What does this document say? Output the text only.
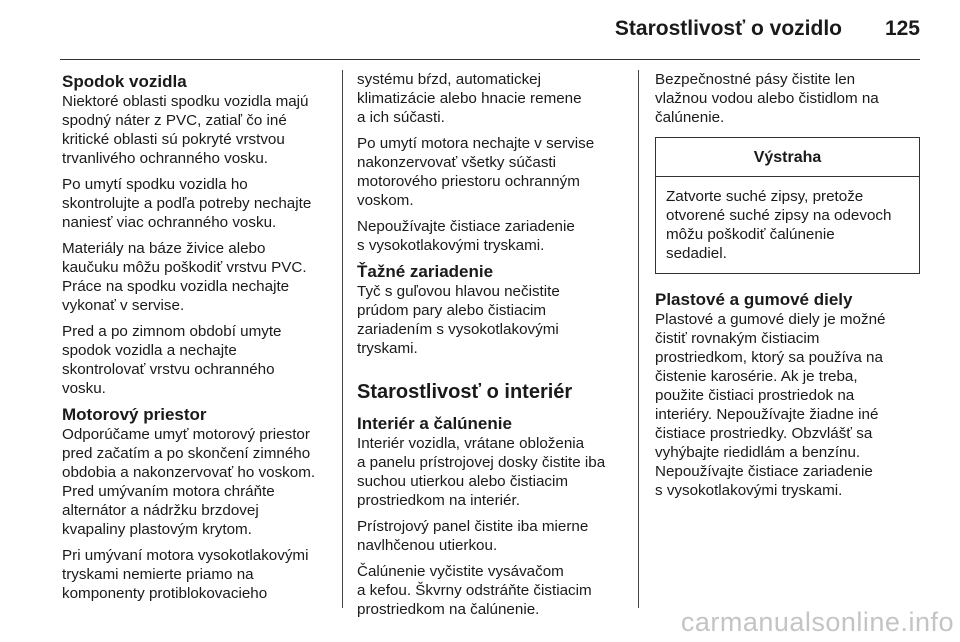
Starostlivosť o vozidlo 125
Spodok vozidla

Niektoré oblasti spodku vozidla majú
spodný náter z PVC, zatiaľ čo iné
kritické oblasti sú pokryté vrstvou
trvanlivého ochranného vosku.

Po umytí spodku vozidla ho
skontrolujte a podľa potreby nechajte
naniesť viac ochranného vosku.

Materiály na báze živice alebo
kaučuku môžu poškodiť vrstvu PVC.
Práce na spodku vozidla nechajte
vykonať v servise.

Pred a po zimnom období umyte
spodok vozidla a nechajte
skontrolovať vrstvu ochranného
vosku.

Motorový priestor

Odporúčame umyť motorový priestor
pred začatím a po skončení zimného
obdobia a nakonzervovať ho voskom.
Pred umývaním motora chráňte
alternátor a nádržku brzdovej
kvapaliny plastovým krytom.

Pri umývaní motora vysokotlakovými
tryskami nemierte priamo na
komponenty protiblokovacieho

systému bŕzd, automatickej
klimatizácie alebo hnacie remene
a ich súčasti.

Po umytí motora nechajte v servise
nakonzervovať všetky súčasti
motorového priestoru ochranným
voskom.

Nepoužívajte čistiace zariadenie
s vysokotlakovými tryskami.

Ťažné zariadenie

Tyč s guľovou hlavou nečistite
prúdom pary alebo čistiacim
zariadením s vysokotlakovými
tryskami.

Starostlivosť o interiér
Interiér a čalúnenie

Interiér vozidla, vrátane obloženia
a panelu prístrojovej dosky čistite iba
suchou utierkou alebo čistiacim
prostriedkom na interiér.

Prístrojový panel čistite iba mierne
navlhčenou utierkou.

Čalúnenie vyčistite vysávačom
a kefou. Škvrny odstráňte čistiacim
prostriedkom na čalúnenie.

Bezpečnostné pásy čistite len
vlažnou vodou alebo čistidlom na
čalúnenie.

Výstraha
Zatvorte suché zipsy, pretože
otvorené suché zipsy na odevoch
môžu poškodiť čalúnenie
sedadiel.
Plastové a gumové diely

Plastové a gumové diely je možné
čistiť rovnakým čistiacim
prostriedkom, ktorý sa používa na
čistenie karosérie. Ak je treba,
použite čistiaci prostriedok na
interiéry. Nepoužívajte žiadne iné
čistiace prostriedky. Obzvlášť sa
vyhýbajte riedidlám a benzínu.
Nepoužívajte čistiace zariadenie
s vysokotlakovými tryskami.

carmanualsonline.info
